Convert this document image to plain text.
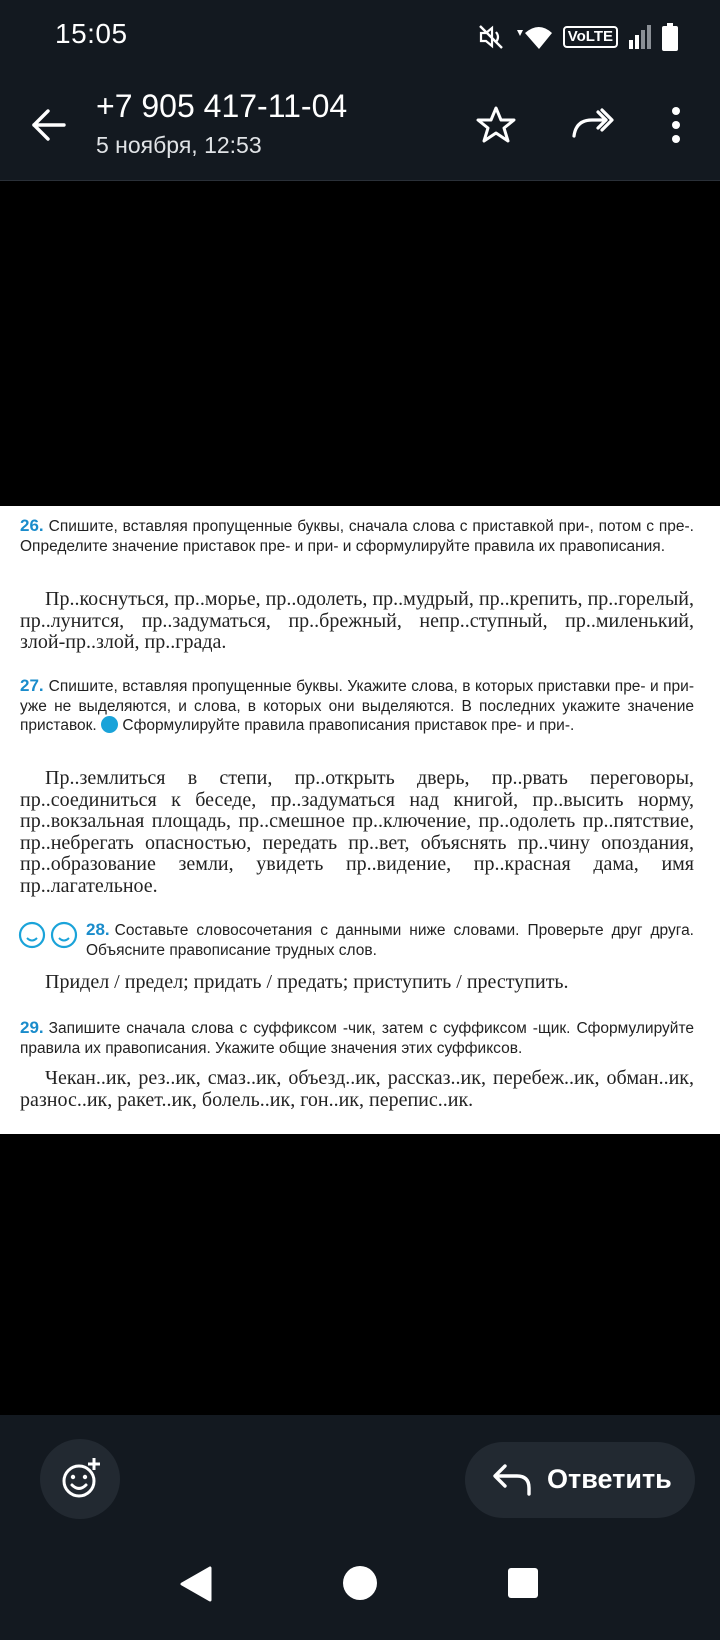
15:05	VoLTE
+7 905 417-11-04
5 ноября, 12:53
26. Спишите, вставляя пропущенные буквы, сначала слова с приставкой при-, потом с пре-. Определите значение приставок пре- и при- и сформулируйте правила их правописания.
Пр..коснуться, пр..морье, пр..одолеть, пр..мудрый, пр..крепить, пр..горелый, пр..лунится, пр..задуматься, пр..брежный, непр..ступный, пр..миленький, злой-пр..злой, пр..града.
27. Спишите, вставляя пропущенные буквы. Укажите слова, в которых приставки пре- и при- уже не выделяются, и слова, в которых они выделяются. В последних укажите значение приставок. Сформулируйте правила правописания приставок пре- и при-.
Пр..землиться в степи, пр..открыть дверь, пр..рвать переговоры, пр..соединиться к беседе, пр..задуматься над книгой, пр..высить норму, пр..вокзальная площадь, пр..смешное пр..ключение, пр..одолеть пр..пятствие, пр..небрегать опасностью, передать пр..вет, объяснять пр..чину опоздания, пр..образование земли, увидеть пр..видение, пр..красная дама, имя пр..лагательное.
28. Составьте словосочетания с данными ниже словами. Проверьте друг друга. Объясните правописание трудных слов.
Придел / предел; придать / предать; приступить / преступить.
29. Запишите сначала слова с суффиксом -чик, затем с суффиксом -щик. Сформулируйте правила их правописания. Укажите общие значения этих суффиксов.
Чекан..ик, рез..ик, смаз..ик, объезд..ик, рассказ..ик, перебеж..ик, обман..ик, разнос..ик, ракет..ик, болель..ик, гон..ик, перепис..ик.
Ответить
